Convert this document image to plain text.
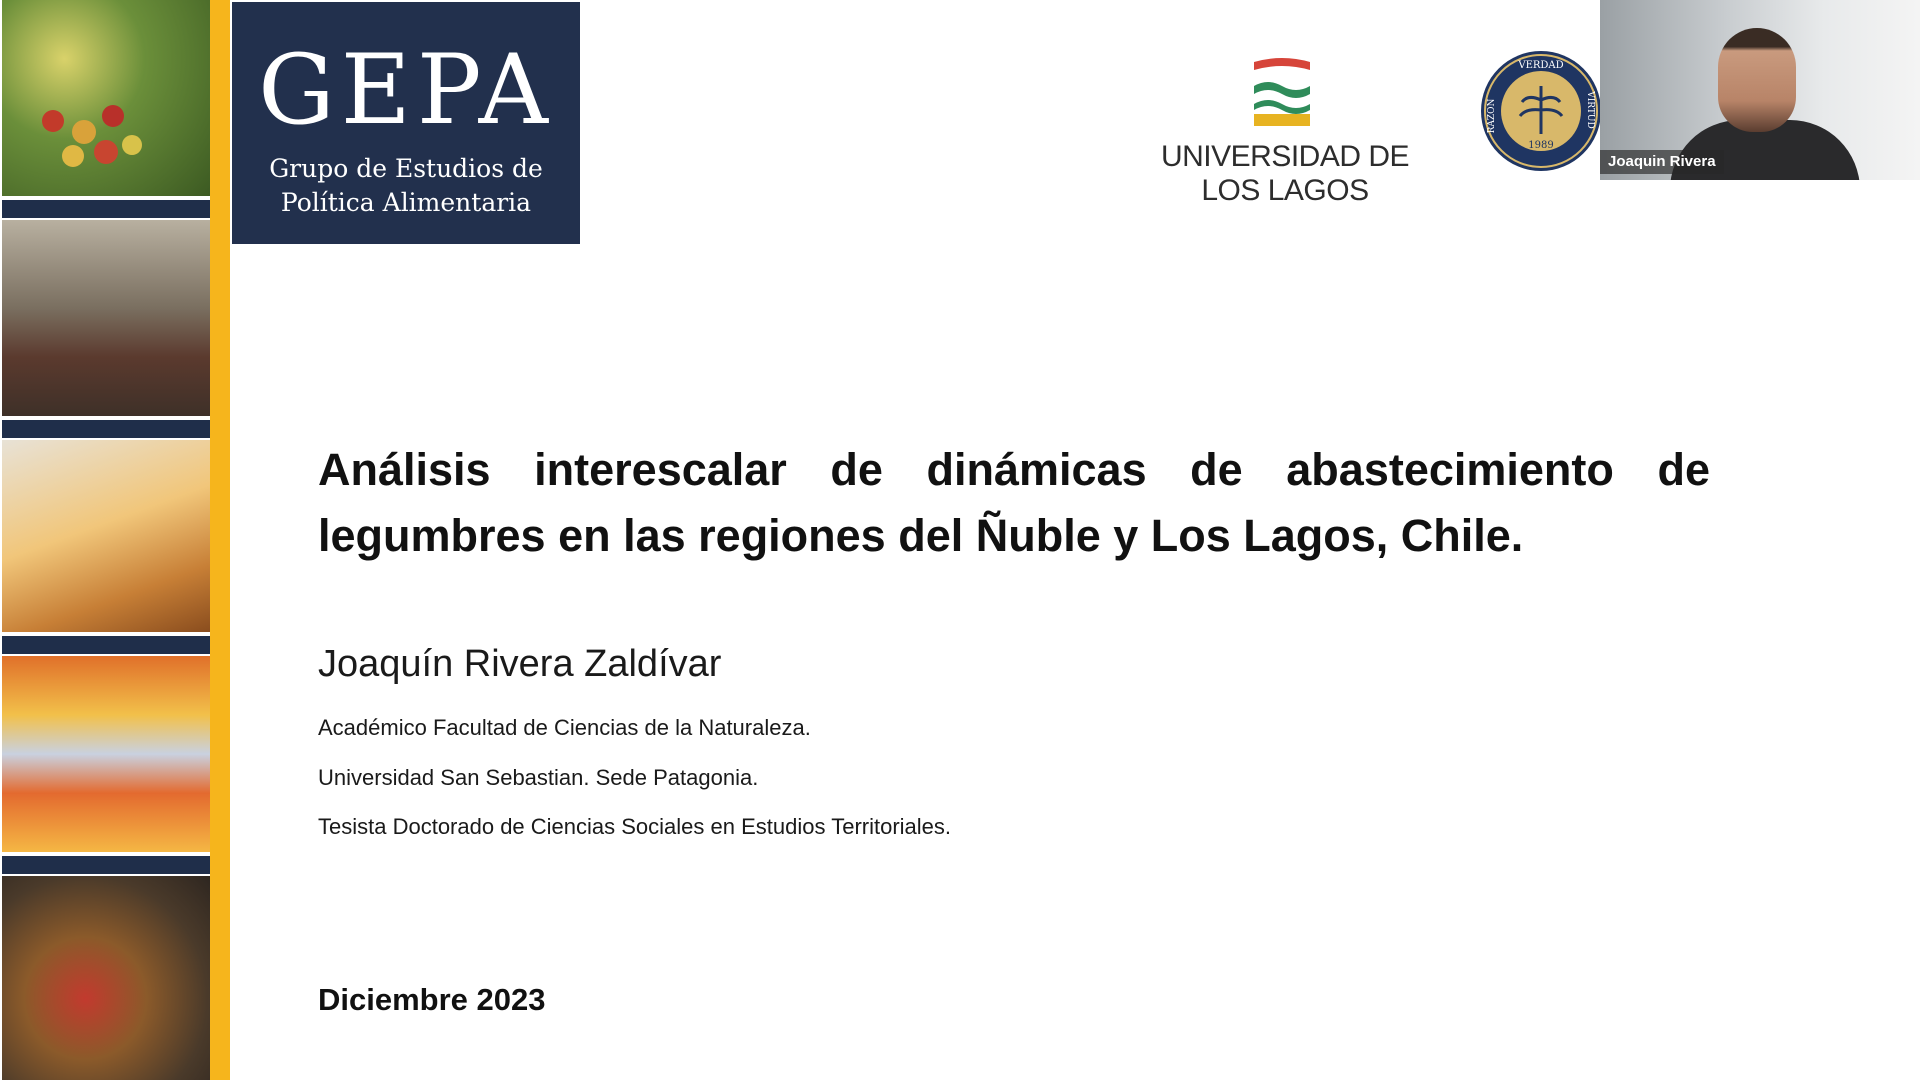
GEPA
Grupo de Estudios de
Política Alimentaria
UNIVERSIDAD DE LOS LAGOS
VERDAD
RAZON	VIRTUD
1989
Joaquin Rivera
Análisis interescalar de dinámicas de abastecimiento de legumbres en las regiones del Ñuble y Los Lagos, Chile.
Joaquín Rivera Zaldívar
Académico Facultad de Ciencias de la Naturaleza.
Universidad San Sebastian. Sede Patagonia.
Tesista Doctorado de Ciencias Sociales en Estudios Territoriales.
Diciembre 2023
